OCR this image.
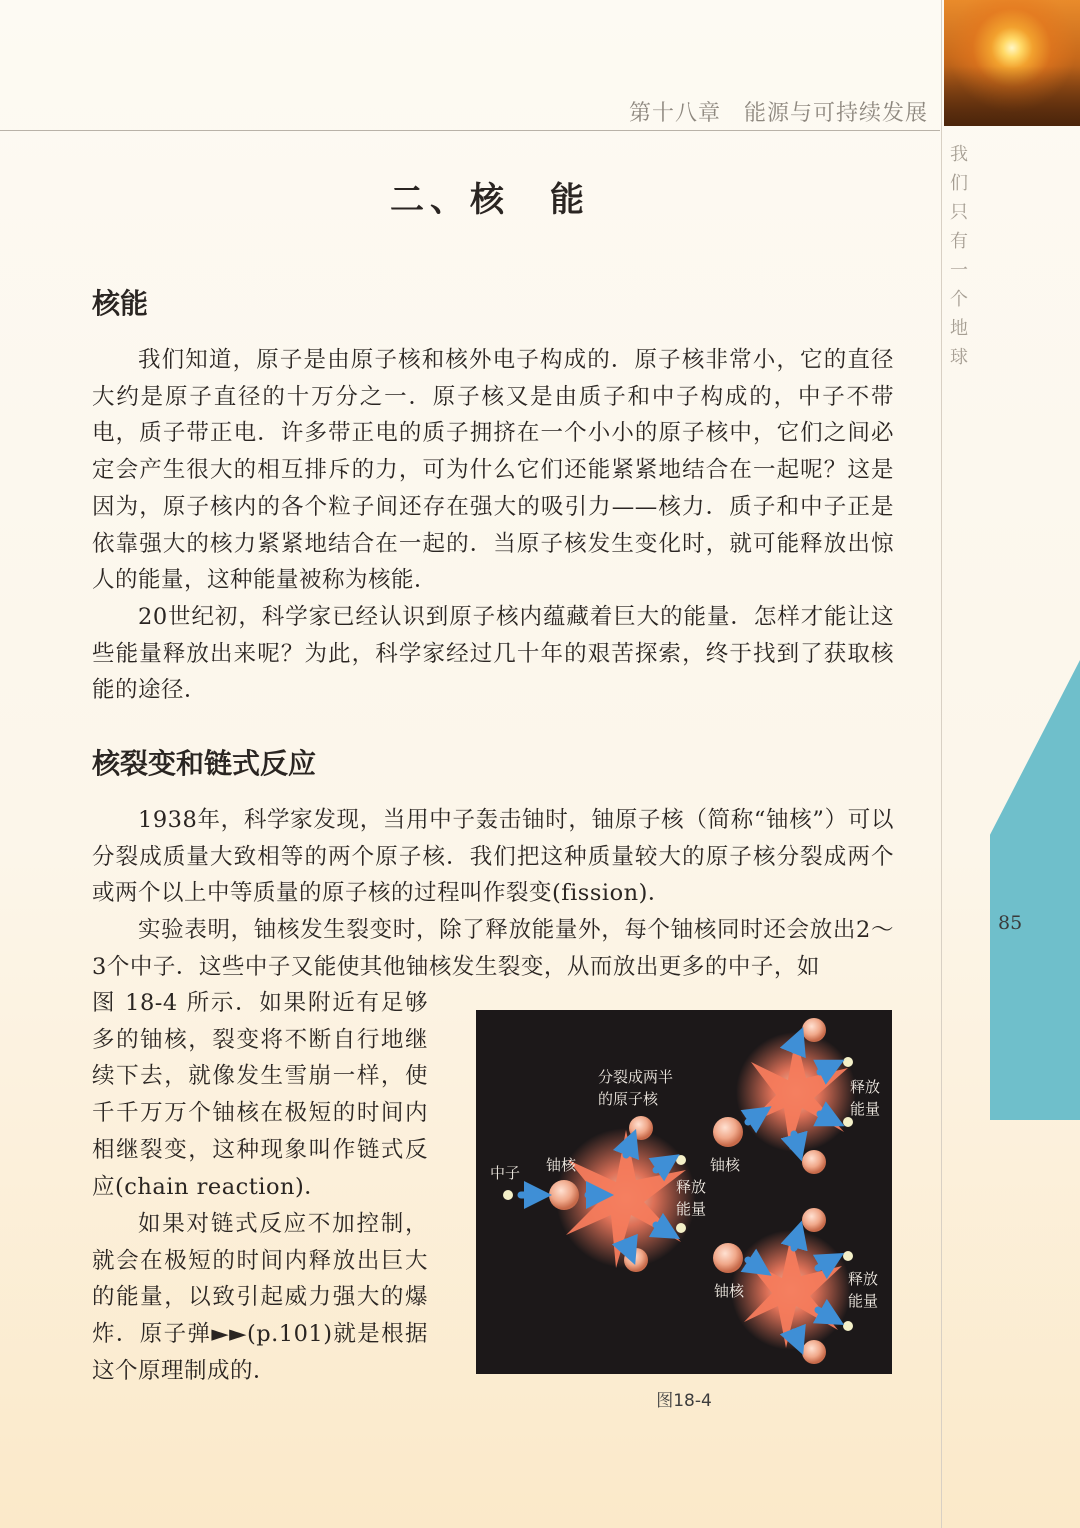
第十八章　能源与可持续发展
我
们
只
有
一
个
地
球
85
二、核　能
核能

我们知道，原子是由原子核和核外电子构成的．原子核非常小，它的直径大约是原子直径的十万分之一．原子核又是由质子和中子构成的，中子不带电，质子带正电．许多带正电的质子拥挤在一个小小的原子核中，它们之间必定会产生很大的相互排斥的力，可为什么它们还能紧紧地结合在一起呢？这是因为，原子核内的各个粒子间还存在强大的吸引力——核力．质子和中子正是依靠强大的核力紧紧地结合在一起的．当原子核发生变化时，就可能释放出惊人的能量，这种能量被称为核能．

20世纪初，科学家已经认识到原子核内蕴藏着巨大的能量．怎样才能让这些能量释放出来呢？为此，科学家经过几十年的艰苦探索，终于找到了获取核能的途径．

核裂变和链式反应

1938年，科学家发现，当用中子轰击铀时，铀原子核（简称“铀核”）可以分裂成质量大致相等的两个原子核．我们把这种质量较大的原子核分裂成两个或两个以上中等质量的原子核的过程叫作裂变(fission)．

实验表明，铀核发生裂变时，除了释放能量外，每个铀核同时还会放出2～3个中子．这些中子又能使其他铀核发生裂变，从而放出更多的中子，如

图 18-4 所示．如果附近有足够多的铀核，裂变将不断自行地继续下去，就像发生雪崩一样，使千千万万个铀核在极短的时间内相继裂变，这种现象叫作链式反应(chain reaction)．

如果对链式反应不加控制，就会在极短的时间内释放出巨大的能量，以致引起威力强大的爆炸．原子弹►►(p.101)就是根据这个原理制成的．

中子 铀核	铀核
铀核
分裂成两半
的原子核
释放
能量
释放
能量
释放
能量
图18-4
